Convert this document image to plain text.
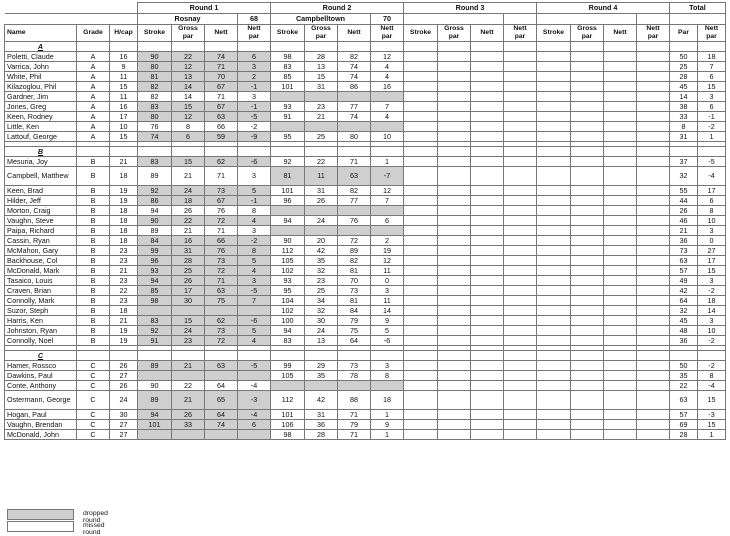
			Round 1				Round 2				Round 3				Round 4				Total	
			Rosnay			68	Campbelltown			70										
Name	Grade	H/cap	Stroke	Gross	Nett	Nett	Stroke	Gross	Nett	Nett	Stroke	Gross	Nett	Nett	Stroke	Gross	Nett	Nett	Par	Nett
				par		par		par		par		par		par		par		par		par
A																				
Poletti, Claude	A	16	90	22	74	6	98	28	82	12									50	18
Varrica, John	A	9	80	12	71	3	83	13	74	4									25	7
White, Phil	A	11	81	13	70	2	85	15	74	4									28	6
Kilazoglou, Phil	A	15	82	14	67	-1	101	31	86	16									45	15
Gardner, Jim	A	11	82	14	71	3													14	3
Jones, Greg	A	16	83	15	67	-1	93	23	77	7									38	6
Keen, Rodney	A	17	80	12	63	-5	91	21	74	4									33	-1
Little, Ken	A	10	76	8	66	-2													8	-2
Lattouf, George	A	15	74	6	59	-9	95	25	80	10									31	1

B																				
Mesuria, Joy	B	21	83	15	62	-6	92	22	71	1									37	-5
Campbell, Matthew	B	18	89	21	71	3	81	11	63	-7									32	-4
Keen, Brad	B	19	92	24	73	5	101	31	82	12									55	17
Hilder, Jeff	B	19	86	18	67	-1	96	26	77	7									44	6
Morton, Craig	B	18	94	26	76	8													26	8
Vaughn, Steve	B	18	90	22	72	4	94	24	76	6									46	10
Paipa, Richard	B	18	89	21	71	3													21	3
Cassin, Ryan	B	18	84	16	66	-2	90	20	72	2									36	0
McMahon, Gary	B	23	99	31	76	8	112	42	89	19									73	27
Backhouse, Col	B	23	96	28	73	5	105	35	82	12									63	17
McDonald, Mark	B	21	93	25	72	4	102	32	81	11									57	15
Tasaico, Louis	B	23	94	26	71	3	93	23	70	0									49	3
Craven, Brian	B	22	85	17	63	-5	95	25	73	3									42	-2
Connolly, Mark	B	23	98	30	75	7	104	34	81	11									64	18
Suzor, Steph	B	18					102	32	84	14									32	14
Harris, Ken	B	21	83	15	62	-6	100	30	79	9									45	3
Johnston, Ryan	B	19	92	24	73	5	94	24	75	5									48	10
Connolly, Noel	B	19	91	23	72	4	83	13	64	-6									36	-2

C																				
Hamer, Rossco	C	26	89	21	63	-5	99	29	73	3									50	-2
Dawkins, Paul	C	27					105	35	78	8									35	8
Conte, Anthony	C	26	90	22	64	-4													22	-4
Ostermann, George	C	24	89	21	65	-3	112	42	88	18									63	15
Hogan, Paul	C	30	94	26	64	-4	101	31	71	1									57	-3
Vaughn, Brendan	C	27	101	33	74	6	106	36	79	9									69	15
McDonald, John	C	27					98	28	71	1									28	1
dropped round
missed round
